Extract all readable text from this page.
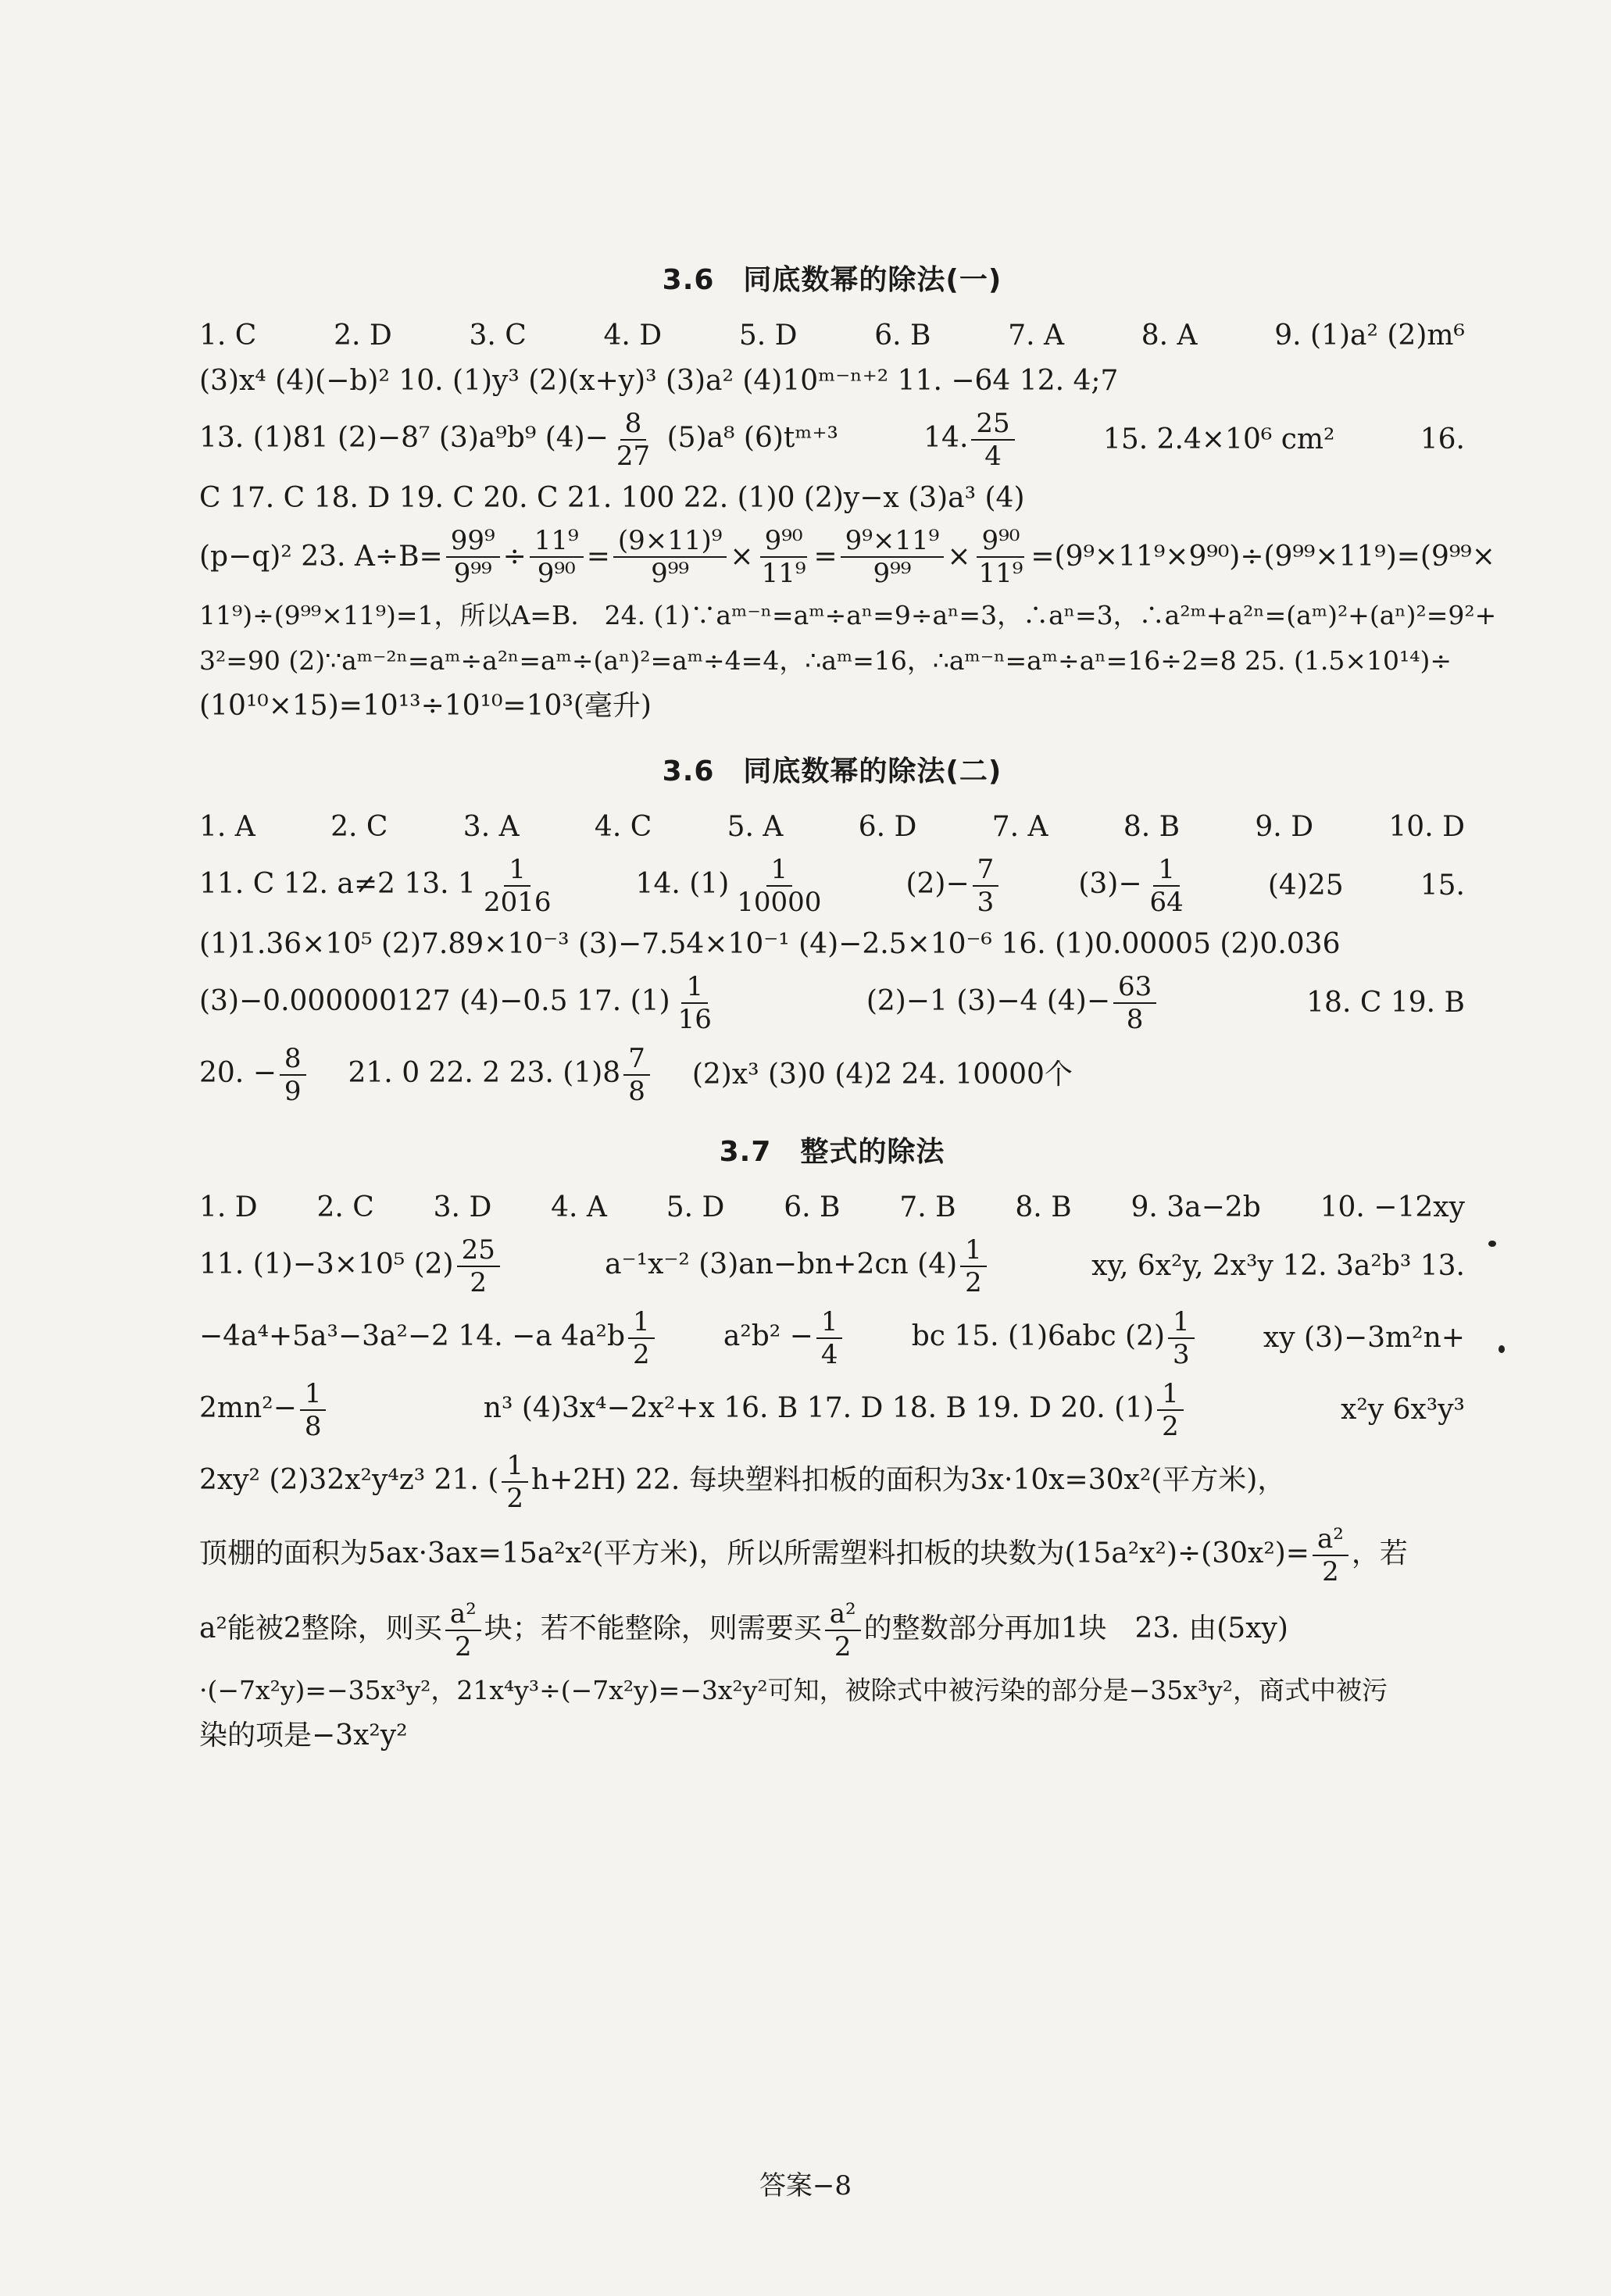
3.6　同底数幂的除法(一)
1. C	2. D	3. C	4. D	5. D	6. B	7. A	8. A	9. (1)a² (2)m⁶
(3)x⁴ (4)(−b)² 10. (1)y³ (2)(x+y)³ (3)a² (4)10ᵐ⁻ⁿ⁺² 11. −64 12. 4;7
13. (1)81 (2)−8⁷ (3)a⁹b⁹ $(4)- \frac{8}{27} (5)a^8$ (6)tᵐ⁺³	14. $\frac{25}{4}$	15. 2.4×10⁶ cm²	16.
C 17. C 18. D 19. C 20. C 21. 100 22. (1)0 (2)y−x (3)a³ (4)
(p−q)² 23. $A\div B= \frac{\text{99⁹}}{\text{9⁹⁹}} \div \frac{\text{11⁹}}{\text{9⁹⁰}} = \frac{\text{(9×11)⁹}}{\text{9⁹⁹}} \times \frac{\text{9⁹⁰}}{\text{11⁹}} = \frac{\text{9⁹×11⁹}}{\text{9⁹⁹}} \times \frac{\text{9⁹⁰}}{\text{11⁹}} =(9^9\times 11^9\times 9^{90})\div(9^{99}\times 11^9)=(9^{99}\times$
11⁹)÷(9⁹⁹×11⁹)=1，所以A=B.　24. (1)∵aᵐ⁻ⁿ=aᵐ÷aⁿ=9÷aⁿ=3，∴aⁿ=3，∴a²ᵐ+a²ⁿ=(aᵐ)²+(aⁿ)²=9²+
3²=90 (2)∵aᵐ⁻²ⁿ=aᵐ÷a²ⁿ=aᵐ÷(aⁿ)²=aᵐ÷4=4，∴aᵐ=16，∴aᵐ⁻ⁿ=aᵐ÷aⁿ=16÷2=8 25. (1.5×10¹⁴)÷
(10¹⁰×15)=10¹³÷10¹⁰=10³(毫升)
3.6　同底数幂的除法(二)
1. A	2. C	3. A	4. C	5. A	6. D	7. A	8. B	9. D	10. D
11. C 12. a≠2 13. $1 \frac{1}{2016}$	14. $(1) \frac{1}{10000}$	$(2)- \frac{7}{3}$	$(3)- \frac{1}{64}$	(4)25	15.
(1)1.36×10⁵ (2)7.89×10⁻³ (3)−7.54×10⁻¹ (4)−2.5×10⁻⁶ 16. (1)0.00005 (2)0.036
(3)−0.000000127 (4)−0.5 17. $(1) \frac{1}{16}$	(2)−1 (3)−4 $(4)- \frac{63}{8}$	18. C 19. B
20. − $\frac{8}{9} 21$. 0 22. 2 23. $(1)8 \frac{7}{8} (2)x^3$ (3)0 (4)2 24. 10000个
3.7　整式的除法
1. D 2. C 3. D 4. A 5. D 6. B 7. B 8. B 9. 3a−2b 10. −12xy
11. (1)−3×10⁵ $(2) \frac{25}{2}$	a⁻¹x⁻² (3)an−bn+2cn $(4) \frac{1}{2}$	xy, 6x²y, 2x³y 12. 3a²b³ 13.
−4a⁴+5a³−3a²−2 14. −a $4a^2b \frac{1}{2} a^2b^2 - \frac{1}{4}$ bc 15. (1)6abc $(2) \frac{1}{3}$ xy (3)−3m²n+
$2mn^2- \frac{1}{8}$	n³ (4)3x⁴−2x²+x 16. B 17. D 18. B 19. D 20. $(1) \frac{1}{2}$	x²y 6x³y³
2xy² (2)32x²y⁴z³ 21. ( $\frac{1}{2} h+2H$) 22. 每块塑料扣板的面积为3x·10x=30x²(平方米)，
顶棚的面积为5ax·3ax=15a²x²(平方米)，所以所需塑料扣板的块数为$(15a^2x^2)\div(30x^2)= \frac{\text{a²}}{2}$ ，若
a²能被2整除，则买 $\frac{\text{a²}}{2}$ 块；若不能整除，则需要买 $\frac{\text{a²}}{2}$ 的整数部分再加1块　23. 由(5xy)
·(−7x²y)=−35x³y²，21x⁴y³÷(−7x²y)=−3x²y²可知，被除式中被污染的部分是−35x³y²，商式中被污
染的项是−3x²y²
答案−8
